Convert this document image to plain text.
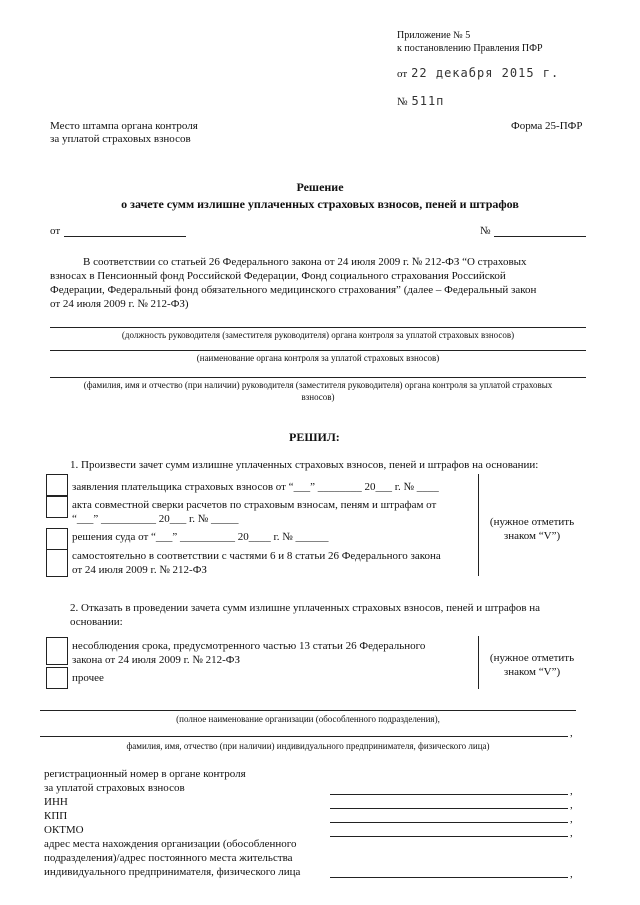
Приложение № 5
к постановлению Правления ПФР
от 22 декабря 2015 г.
№ 511п
Место штампа органа контроля
за уплатой страховых взносов
Форма 25-ПФР
Решение
о зачете сумм излишне уплаченных страховых взносов, пеней и штрафов
от	№
В соответствии со статьей 26 Федерального закона от 24 июля 2009 г. № 212-ФЗ “О страховых
взносах в Пенсионный фонд Российской Федерации, Фонд социального страхования Российской
Федерации, Федеральный фонд обязательного медицинского страхования” (далее – Федеральный закон
от 24 июля 2009 г. № 212-ФЗ)
(должность руководителя (заместителя руководителя) органа контроля за уплатой страховых взносов)
(наименование органа контроля за уплатой страховых взносов)
(фамилия, имя и отчество (при наличии) руководителя (заместителя руководителя) органа контроля за уплатой страховых
взносов)
РЕШИЛ:
1. Произвести зачет сумм излишне уплаченных страховых взносов, пеней и штрафов на основании:
заявления плательщика страховых взносов от “___” ________ 20___ г. № ____
акта совместной сверки расчетов по страховым взносам, пеням и штрафам от
“___” __________ 20___ г. № _____
решения суда от “___” __________ 20____ г. № ______
самостоятельно в соответствии с частями 6 и 8 статьи 26 Федерального закона
от 24 июля 2009 г. № 212-ФЗ
(нужное отметить
знаком “V”)
2. Отказать в проведении зачета сумм излишне уплаченных страховых взносов, пеней и штрафов на
основании:
несоблюдения срока, предусмотренного частью 13 статьи 26 Федерального
закона от 24 июля 2009 г. № 212-ФЗ
прочее
(нужное отметить
знаком “V”)
(полное наименование организации (обособленного подразделения),
,
фамилия, имя, отчество (при наличии) индивидуального предпринимателя, физического лица)
регистрационный номер в органе контроля
за уплатой страховых взносов	,
ИНН	,
КПП	,
ОКТМО	,
адрес места нахождения организации (обособленного
подразделения)/адрес постоянного места жительства
индивидуального предпринимателя, физического лица	,
